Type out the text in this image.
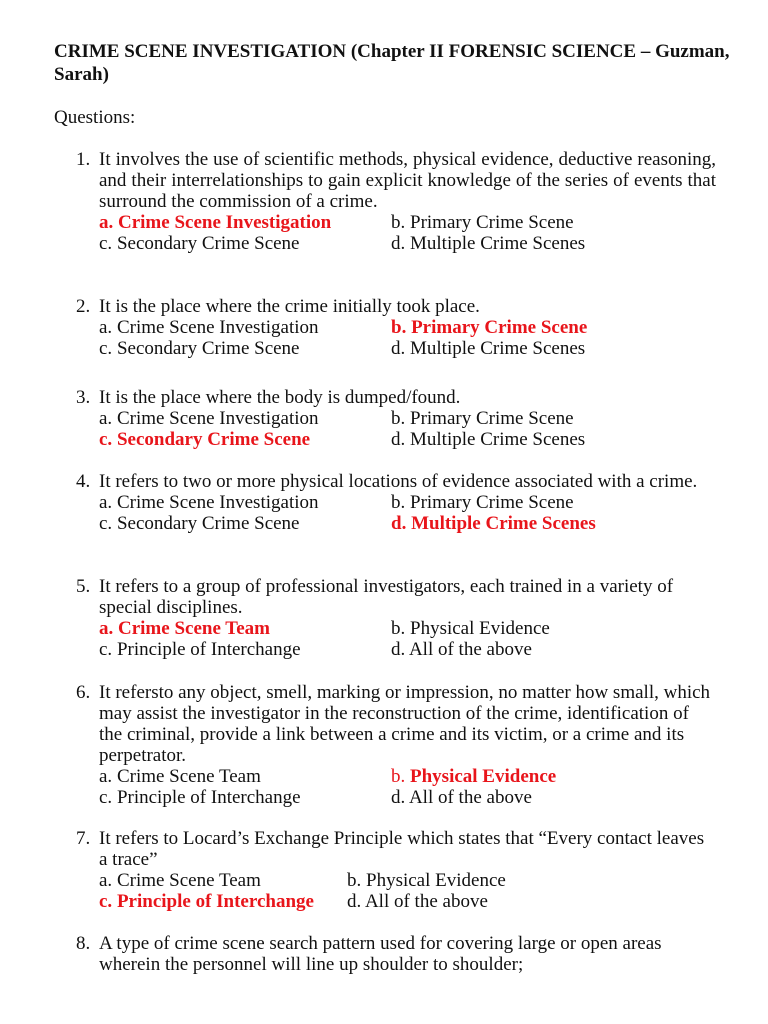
CRIME SCENE INVESTIGATION (Chapter II FORENSIC SCIENCE – Guzman, Sarah)
Questions:
1. It involves the use of scientific methods, physical evidence, deductive reasoning, and their interrelationships to gain explicit knowledge of the series of events that surround the commission of a crime.
a. Crime Scene Investigation	b. Primary Crime Scene
c. Secondary Crime Scene	d. Multiple Crime Scenes
2. It is the place where the crime initially took place.
a. Crime Scene Investigation	b. Primary Crime Scene
c. Secondary Crime Scene	d. Multiple Crime Scenes
3. It is the place where the body is dumped/found.
a. Crime Scene Investigation	b. Primary Crime Scene
c. Secondary Crime Scene	d. Multiple Crime Scenes
4. It refers to two or more physical locations of evidence associated with a crime.
a. Crime Scene Investigation	b. Primary Crime Scene
c. Secondary Crime Scene	d. Multiple Crime Scenes
5. It refers to a group of professional investigators, each trained in a variety of special disciplines.
a. Crime Scene Team	b. Physical Evidence
c. Principle of Interchange	d. All of the above
6. It refersto any object, smell, marking or impression, no matter how small, which may assist the investigator in the reconstruction of the crime, identification of the criminal, provide a link between a crime and its victim, or a crime and its perpetrator.
a. Crime Scene Team	b. Physical Evidence
c. Principle of Interchange	d. All of the above
7. It refers to Locard’s Exchange Principle which states that “Every contact leaves a trace”
a. Crime Scene Team	b. Physical Evidence
c. Principle of Interchange	d. All of the above
8. A type of crime scene search pattern used for covering large or open areas wherein the personnel will line up shoulder to shoulder;
